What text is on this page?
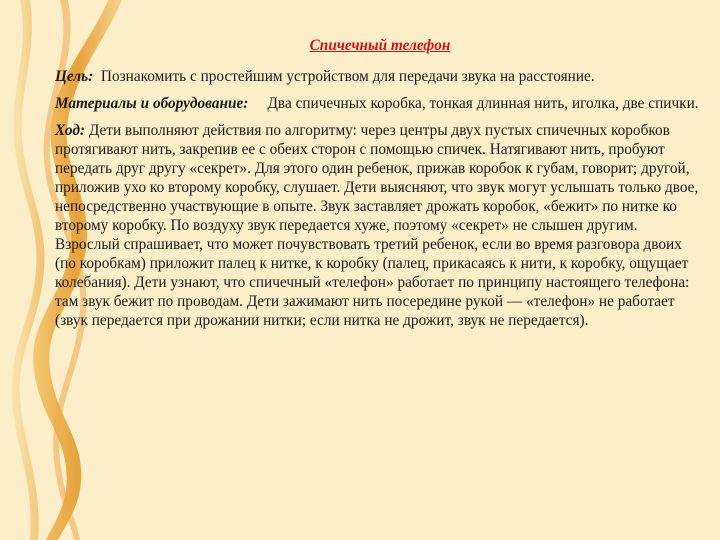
Спичечный телефон

Цель: Познакомить с простейшим устройством для передачи звука на расстояние.

Материалы и оборудование: Два спичечных коробка, тонкая длинная нить, иголка, две спички.

Ход: Дети выполняют действия по алгоритму: через центры двух пустых спичечных коробков протягивают нить, закрепив ее с обеих сторон с помощью спичек. Натягивают нить, пробуют передать друг другу «секрет». Для этого один ребенок, прижав коробок к губам, говорит; другой, приложив ухо ко второму коробку, слушает. Дети выясняют, что звук могут услышать только двое, непосредственно участвующие в опыте. Звук заставляет дрожать коробок, «бежит» по нитке ко второму коробку. По воздуху звук передается хуже, поэтому «секрет» не слышен другим. Взрослый спрашивает, что может почувствовать третий ребенок, если во время разговора двоих (по коробкам) приложит палец к нитке, к коробку (палец, прикасаясь к нити, к коробку, ощущает колебания). Дети узнают, что спичечный «телефон» работает по принципу настоящего телефона: там звук бежит по проводам. Дети зажимают нить посередине рукой — «телефон» не работает (звук передается при дрожании нитки; если нитка не дрожит, звук не передается).
